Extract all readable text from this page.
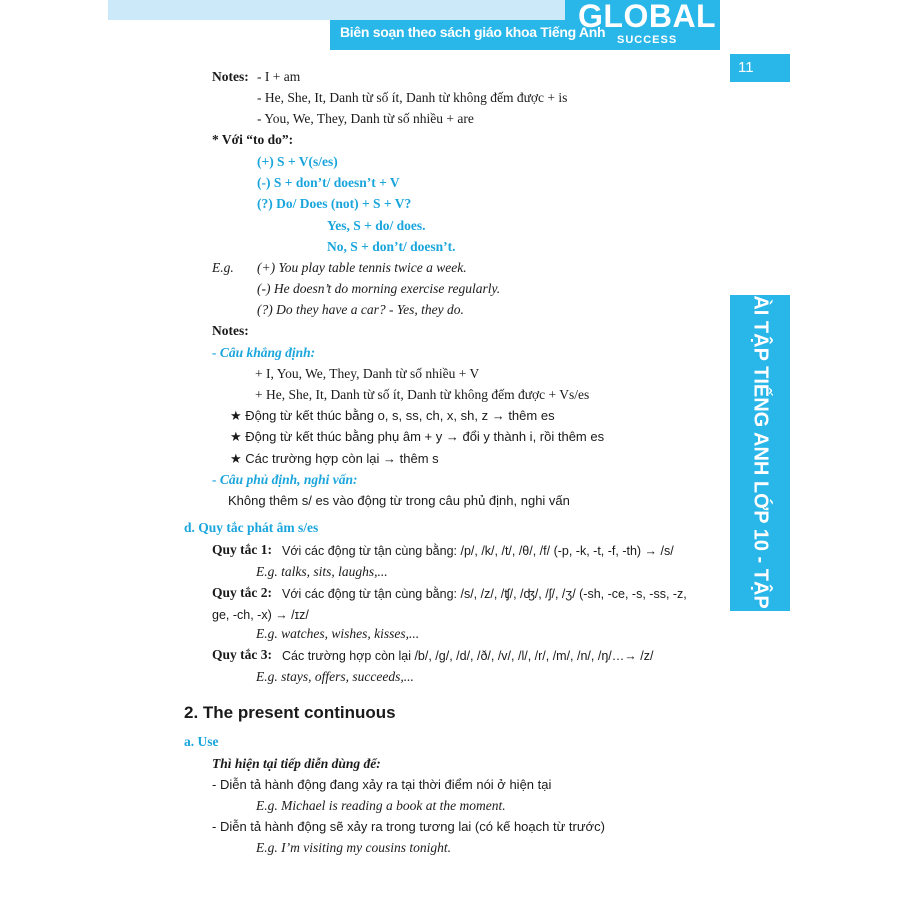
Biên soạn theo sách giáo khoa Tiếng Anh
GLOBAL
SUCCESS
11
BÀI TẬP TIẾNG ANH LỚP 10 - TẬP 1
Notes: - I + am
- He, She, It, Danh từ số ít, Danh từ không đếm được + is
- You, We, They, Danh từ số nhiều + are
* Với “to do”:
(+) S + V(s/es)
(-) S + don’t/ doesn’t + V
(?) Do/ Does (not) + S + V?
Yes, S + do/ does.
No, S + don’t/ doesn’t.
E.g. (+) You play table tennis twice a week.
(-) He doesn’t do morning exercise regularly.
(?) Do they have a car? - Yes, they do.
Notes:
- Câu khẳng định:
+ I, You, We, They, Danh từ số nhiều + V
+ He, She, It, Danh từ số ít, Danh từ không đếm được + Vs/es
★ Động từ kết thúc bằng o, s, ss, ch, x, sh, z → thêm es
★ Động từ kết thúc bằng phụ âm + y → đổi y thành i, rồi thêm es
★ Các trường hợp còn lại → thêm s
- Câu phủ định, nghi vấn:
Không thêm s/ es vào động từ trong câu phủ định, nghi vấn
d. Quy tắc phát âm s/es
Quy tắc 1: Với các động từ tận cùng bằng: /p/, /k/, /t/, /θ/, /f/ (-p, -k, -t, -f, -th) → /s/
E.g. talks, sits, laughs,...
Quy tắc 2: Với các động từ tận cùng bằng: /s/, /z/, /ʧ/, /ʤ/, /ʃ/, /ʒ/ (-sh, -ce, -s, -ss, -z,
ge, -ch, -x) → /ɪz/
E.g. watches, wishes, kisses,...
Quy tắc 3: Các trường hợp còn lại /b/, /g/, /d/, /ð/, /v/, /l/, /r/, /m/, /n/, /ŋ/…→ /z/
E.g. stays, offers, succeeds,...
2. The present continuous
a. Use
Thì hiện tại tiếp diễn dùng để:
- Diễn tả hành động đang xảy ra tại thời điểm nói ở hiện tại
E.g. Michael is reading a book at the moment.
- Diễn tả hành động sẽ xảy ra trong tương lai (có kế hoạch từ trước)
E.g. I’m visiting my cousins tonight.
